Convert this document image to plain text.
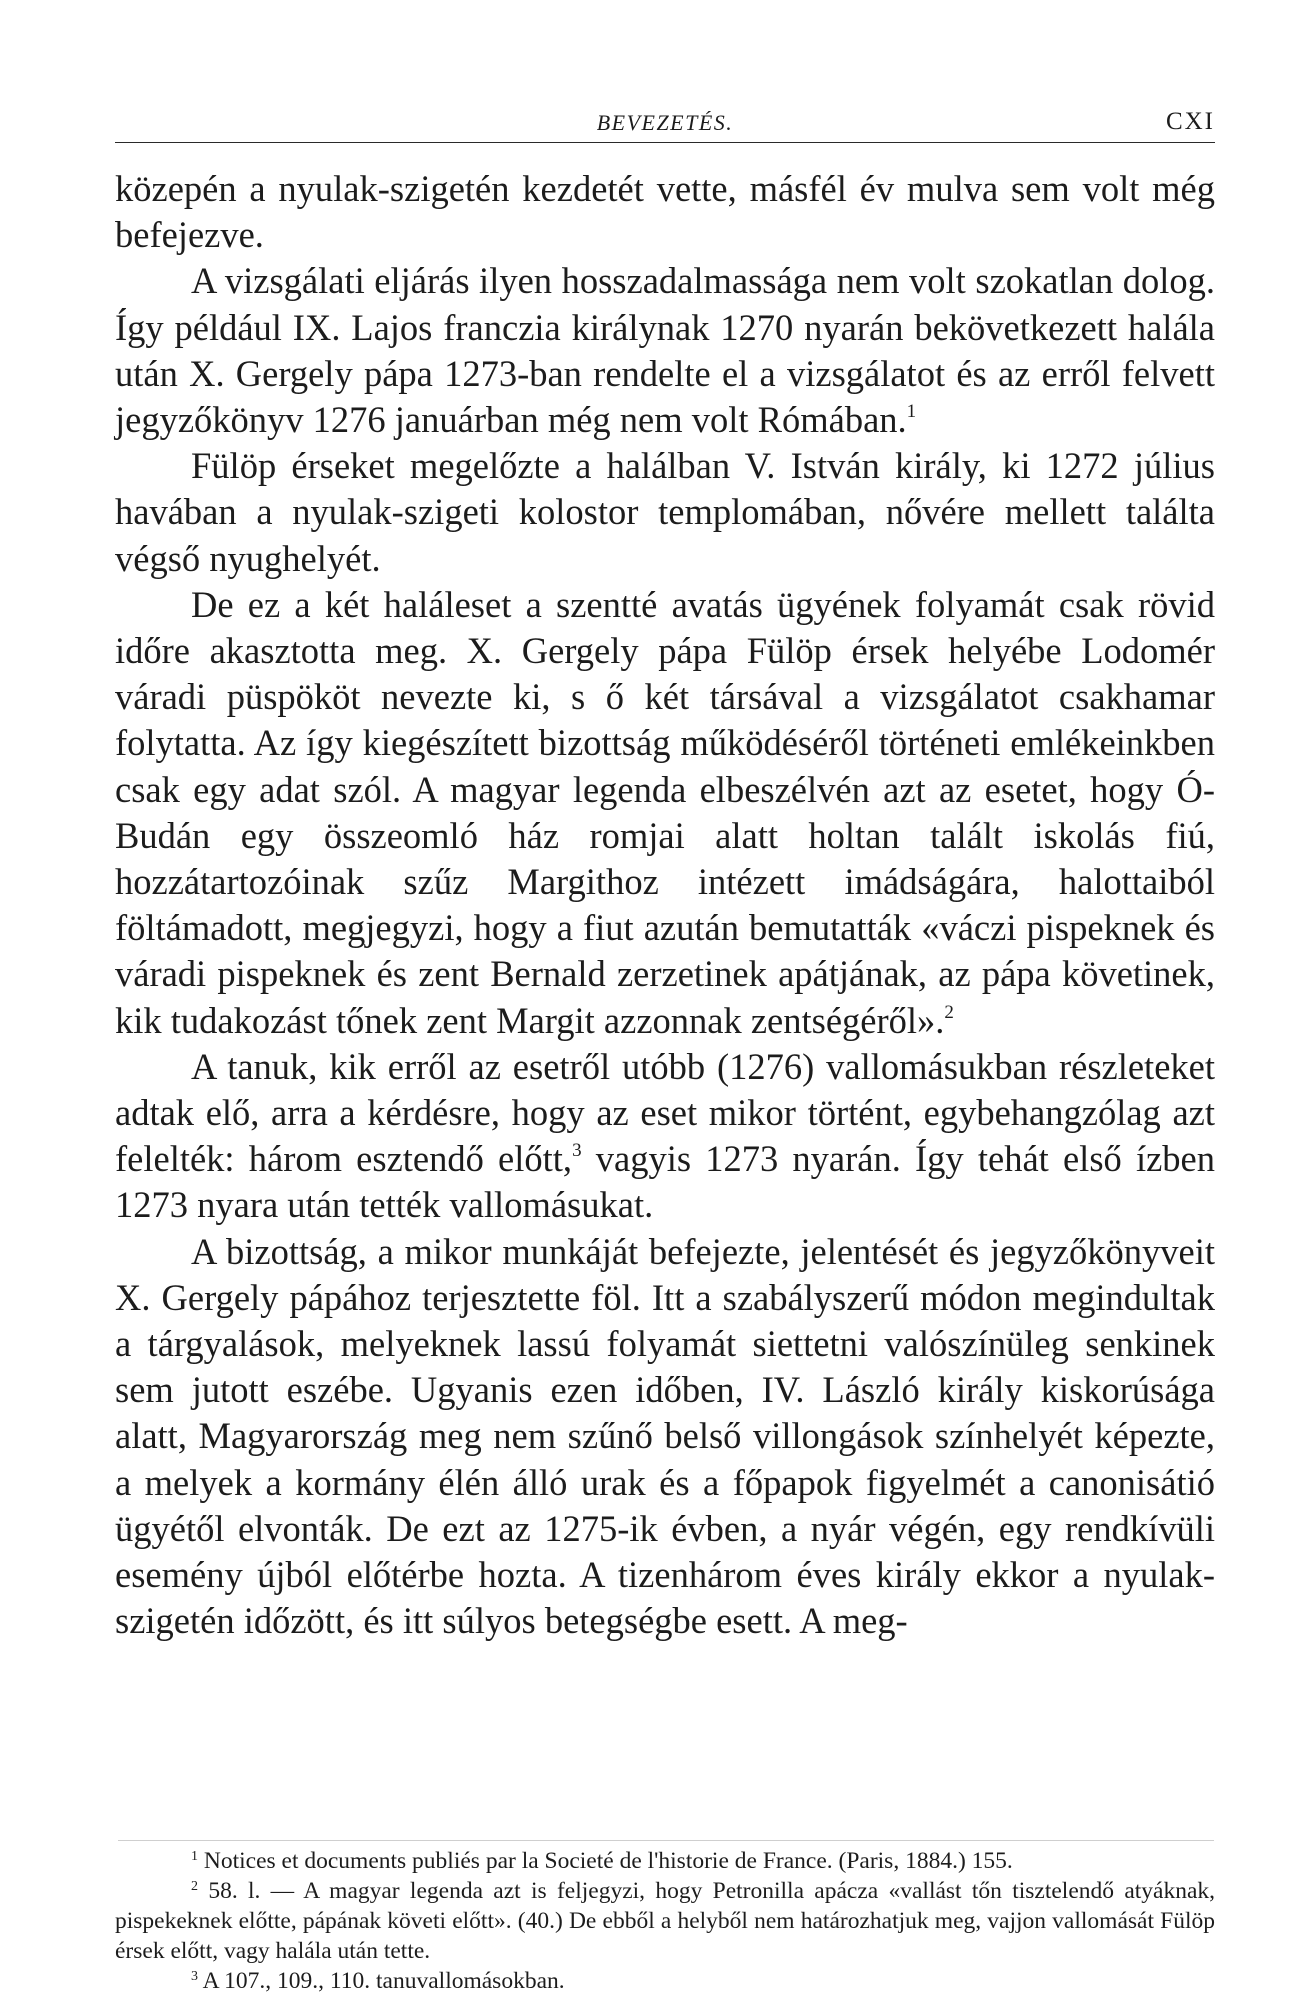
BEVEZETÉS.	CXI

közepén a nyulak-szigetén kezdetét vette, másfél év mulva sem volt még befejezve.

A vizsgálati eljárás ilyen hosszadalmassága nem volt szokatlan dolog. Így például IX. Lajos franczia királynak 1270 nyarán bekövetkezett halála után X. Gergely pápa 1273-ban rendelte el a vizsgálatot és az erről felvett jegyzőkönyv 1276 januárban még nem volt Rómában.$^1$

Fülöp érseket megelőzte a halálban V. István király, ki 1272 július havában a nyulak-szigeti kolostor templomában, nővére mellett találta végső nyughelyét.

De ez a két haláleset a szentté avatás ügyének folyamát csak rövid időre akasztotta meg. X. Gergely pápa Fülöp érsek helyébe Lodomér váradi püspököt nevezte ki, s ő két társával a vizsgálatot csakhamar folytatta. Az így kiegészített bizottság működéséről történeti emlékeinkben csak egy adat szól. A magyar legenda elbeszélvén azt az esetet, hogy Ó-Budán egy összeomló ház romjai alatt holtan talált iskolás fiú, hozzátartozóinak szűz Margithoz intézett imádságára, halottaiból föltámadott, megjegyzi, hogy a fiut azután bemutatták «váczi pispeknek és váradi pispeknek és zent Bernald zerzetinek apátjának, az pápa követinek, kik tudakozást tőnek zent Margit azzonnak zentségéről».$^2$

A tanuk, kik erről az esetről utóbb (1276) vallomásukban részleteket adtak elő, arra a kérdésre, hogy az eset mikor történt, egybehangzólag azt felelték: három esztendő előtt,$^3$ vagyis 1273 nyarán. Így tehát első ízben 1273 nyara után tették vallomásukat.

A bizottság, a mikor munkáját befejezte, jelentését és jegyzőkönyveit X. Gergely pápához terjesztette föl. Itt a szabályszerű módon megindultak a tárgyalások, melyeknek lassú folyamát siettetni valószínüleg senkinek sem jutott eszébe. Ugyanis ezen időben, IV. László király kiskorúsága alatt, Magyarország meg nem szűnő belső villongások színhelyét képezte, a melyek a kormány élén álló urak és a főpapok figyelmét a canonisátió ügyétől elvonták. De ezt az 1275-ik évben, a nyár végén, egy rendkívüli esemény újból előtérbe hozta. A tizenhárom éves király ekkor a nyulak-szigetén időzött, és itt súlyos betegségbe esett. A meg-

$^1$ Notices et documents publiés par la Societé de l'historie de France. (Paris, 1884.) 155.

$^2$ 58. l. — A magyar legenda azt is feljegyzi, hogy Petronilla apácza «vallást tőn tisztelendő atyáknak, pispekeknek előtte, pápának követi előtt». (40.) De ebből a helyből nem határozhatjuk meg, vajjon vallomását Fülöp érsek előtt, vagy halála után tette.

$^3$ A 107., 109., 110. tanuvallomásokban.
